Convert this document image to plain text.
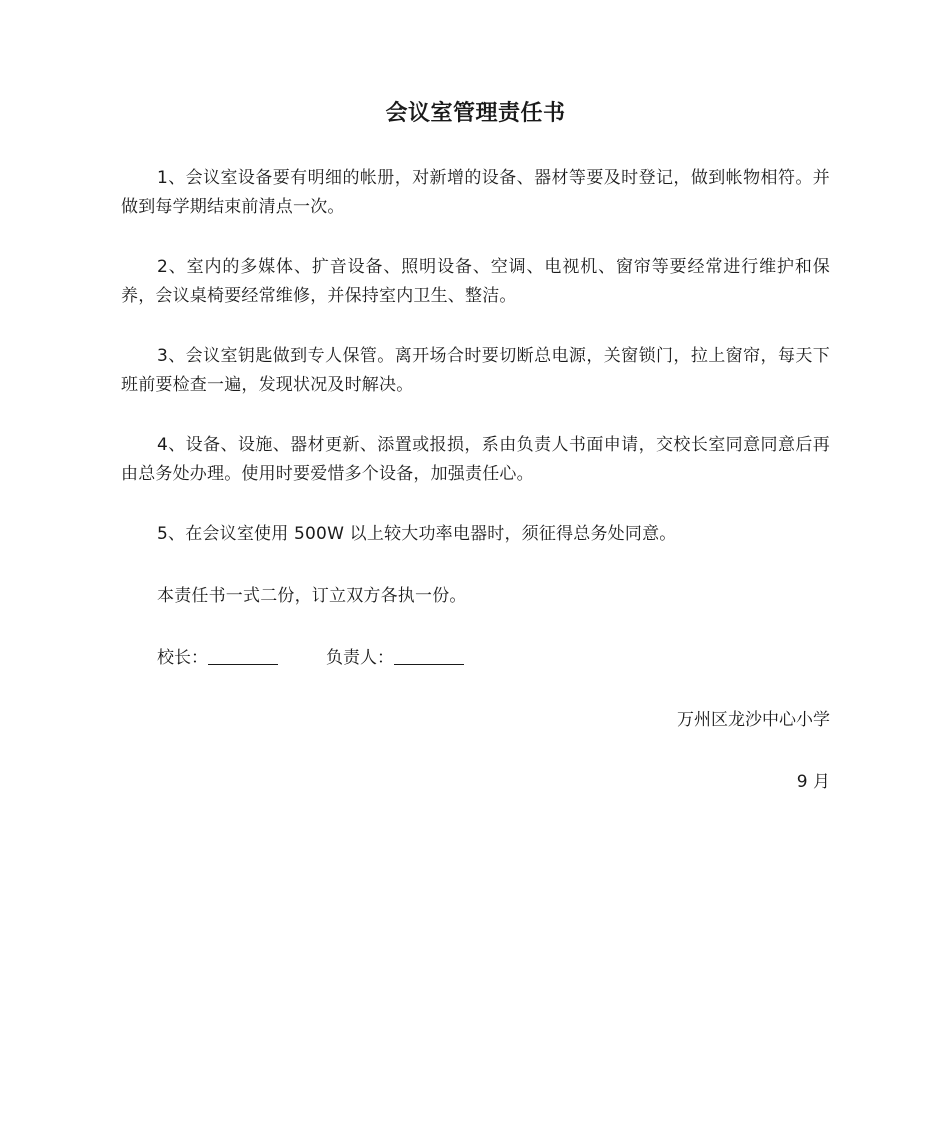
会议室管理责任书

1、会议室设备要有明细的帐册，对新增的设备、器材等要及时登记，做到帐物相符。并做到每学期结束前清点一次。

2、室内的多媒体、扩音设备、照明设备、空调、电视机、窗帘等要经常进行维护和保养，会议桌椅要经常维修，并保持室内卫生、整洁。

3、会议室钥匙做到专人保管。离开场合时要切断总电源，关窗锁门，拉上窗帘，每天下班前要检查一遍，发现状况及时解决。

4、设备、设施、器材更新、添置或报损，系由负责人书面申请，交校长室同意同意后再由总务处办理。使用时要爱惜多个设备，加强责任心。

5、在会议室使用 500W 以上较大功率电器时，须征得总务处同意。

本责任书一式二份，订立双方各执一份。

校长：	负责人：

万州区龙沙中心小学

9 月
